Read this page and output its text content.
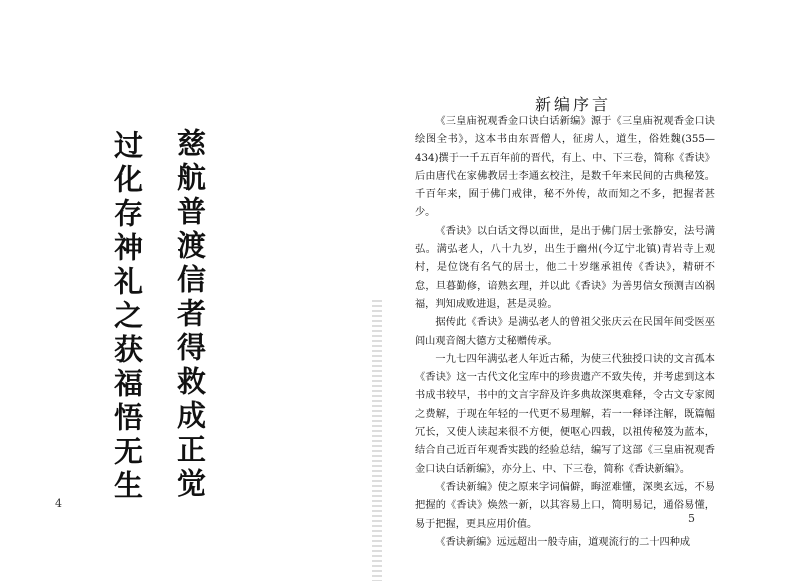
慈航普渡信者得救成正觉
过化存神礼之获福悟无生
4
新编序言

《三皇庙祝观香金口诀白话新编》源于《三皇庙祝观香金口诀绘图全书》，这本书由东晋僧人，征虏人，道生，俗姓魏(355—434)撰于一千五百年前的晋代，有上、中、下三卷，简称《香诀》后由唐代在家佛教居士李通玄校注，是数千年来民间的古典秘笈。千百年来，囿于佛门戒律，秘不外传，故而知之不多，把握者甚少。

《香诀》以白话文得以面世，是出于佛门居士张静安，法号满弘。满弘老人，八十九岁，出生于幽州(今辽宁北镇)青岩寺上观村，是位饶有名气的居士，他二十岁继承祖传《香诀》，精研不怠，旦暮勤修，谙熟玄理，并以此《香诀》为善男信女预测吉凶祸福，判知成败进退，甚是灵验。

据传此《香诀》是满弘老人的曾祖父张庆云在民国年间受医巫闾山观音阁大德方丈秘赠传承。

一九七四年满弘老人年近古稀，为使三代独授口诀的文言孤本《香诀》这一古代文化宝库中的珍贵遗产不致失传，并考虑到这本书成书较早，书中的文言字辞及许多典故深奥难释，令古文专家阅之费解，于现在年轻的一代更不易理解，若一一释译注解，既篇幅冗长，又使人读起来很不方便，便呕心四载，以祖传秘笈为蓝本，结合自己近百年观香实践的经验总结，编写了这部《三皇庙祝观香金口诀白话新编》，亦分上、中、下三卷，简称《香诀新编》。

《香诀新编》使之原来字词偏僻，晦涩难懂，深奥玄远，不易把握的《香诀》焕然一新，以其容易上口，简明易记，通俗易懂，易于把握，更具应用价值。

《香诀新编》远远超出一般寺庙，道观流行的二十四种成

5
